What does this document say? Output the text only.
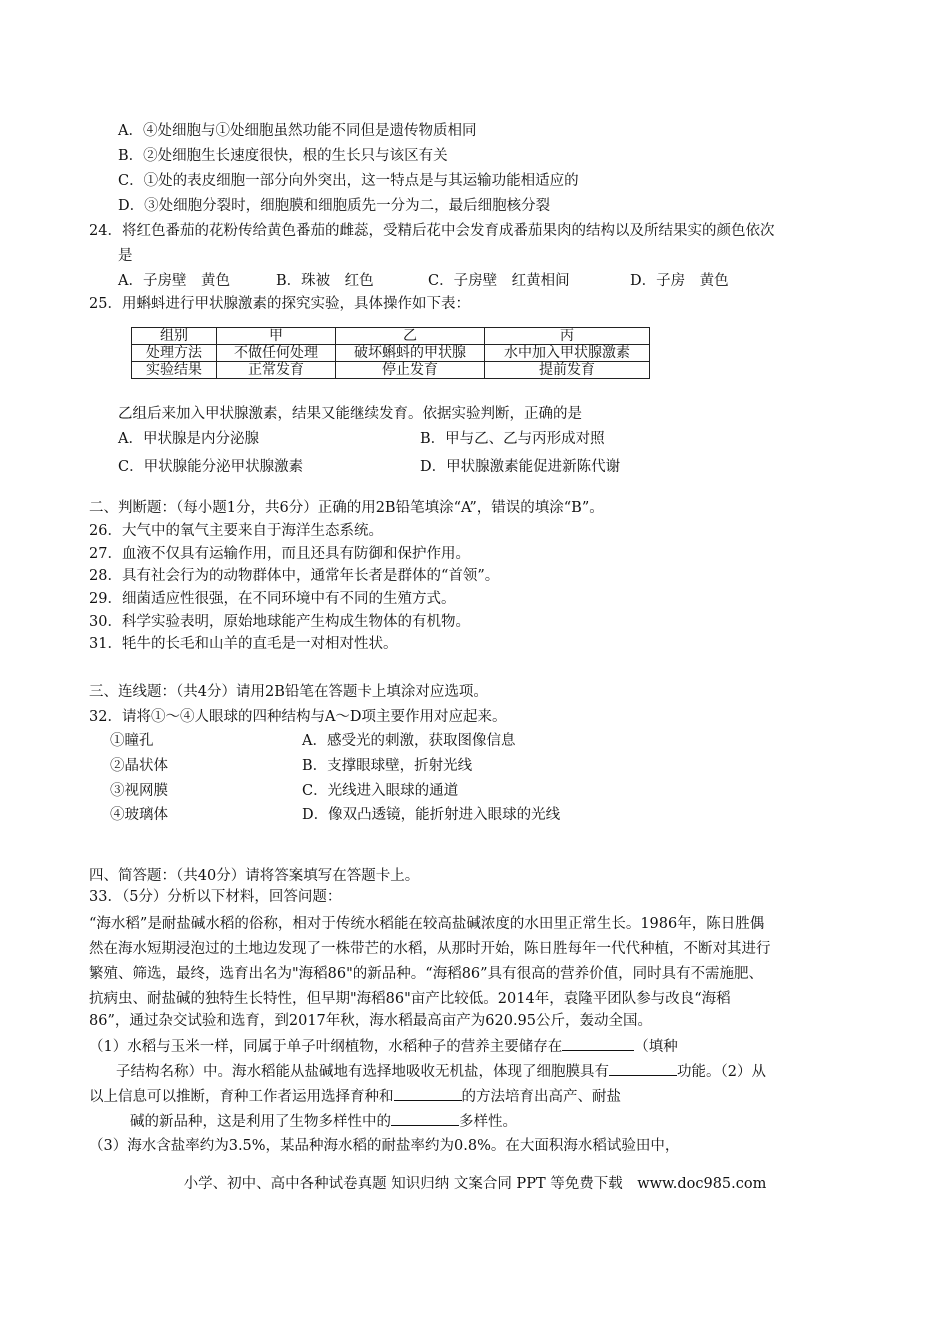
A．④处细胞与①处细胞虽然功能不同但是遗传物质相同
B．②处细胞生长速度很快，根的生长只与该区有关
C．①处的表皮细胞一部分向外突出，这一特点是与其运输功能相适应的
D．③处细胞分裂时，细胞膜和细胞质先一分为二，最后细胞核分裂
24．将红色番茄的花粉传给黄色番茄的雌蕊，受精后花中会发育成番茄果肉的结构以及所结果实的颜色依次
是
A．子房壁　黄色	B．珠被　红色	C．子房壁　红黄相间	D．子房　黄色
25．用蝌蚪进行甲状腺激素的探究实验，具体操作如下表：
组别	甲	乙	丙
处理方法	不做任何处理	破坏蝌蚪的甲状腺	水中加入甲状腺激素
实验结果	正常发育	停止发育	提前发育
乙组后来加入甲状腺激素，结果又能继续发育。依据实验判断，正确的是
A．甲状腺是内分泌腺	B．甲与乙、乙与丙形成对照
C．甲状腺能分泌甲状腺激素	D．甲状腺激素能促进新陈代谢
二、判断题：（每小题1分，共6分）正确的用2B铅笔填涂“A”，错误的填涂“B”。
26．大气中的氧气主要来自于海洋生态系统。
27．血液不仅具有运输作用，而且还具有防御和保护作用。
28．具有社会行为的动物群体中，通常年长者是群体的“首领”。
29．细菌适应性很强，在不同环境中有不同的生殖方式。
30．科学实验表明，原始地球能产生构成生物体的有机物。
31．牦牛的长毛和山羊的直毛是一对相对性状。
三、连线题：（共4分）请用2B铅笔在答题卡上填涂对应选项。
32．请将①～④人眼球的四种结构与A～D项主要作用对应起来。
①瞳孔	A．感受光的刺激，获取图像信息
②晶状体	B．支撑眼球壁，折射光线
③视网膜	C．光线进入眼球的通道
④玻璃体	D．像双凸透镜，能折射进入眼球的光线
四、简答题：（共40分）请将答案填写在答题卡上。
33．（5分）分析以下材料，回答问题：
“海水稻”是耐盐碱水稻的俗称，相对于传统水稻能在较高盐碱浓度的水田里正常生长。1986年，陈日胜偶
然在海水短期浸泡过的土地边发现了一株带芒的水稻，从那时开始，陈日胜每年一代代种植，不断对其进行
繁殖、筛选，最终，选育出名为"海稻86"的新品种。“海稻86”具有很高的营养价值，同时具有不需施肥、
抗病虫、耐盐碱的独特生长特性，但早期"海稻86"亩产比较低。2014年，袁隆平团队参与改良“海稻
86”，通过杂交试验和选育，到2017年秋，海水稻最高亩产为620.95公斤，轰动全国。
（1）水稻与玉米一样，同属于单子叶纲植物，水稻种子的营养主要储存在	（填种
子结构名称）中。海水稻能从盐碱地有选择地吸收无机盐，体现了细胞膜具有	功能。（2）从
以上信息可以推断，育种工作者运用选择育种和	的方法培育出高产、耐盐
碱的新品种，这是利用了生物多样性中的	多样性。
（3）海水含盐率约为3.5%，某品种海水稻的耐盐率约为0.8%。在大面积海水稻试验田中，
小学、初中、高中各种试卷真题 知识归纳 文案合同 PPT 等免费下载　www.doc985.com
